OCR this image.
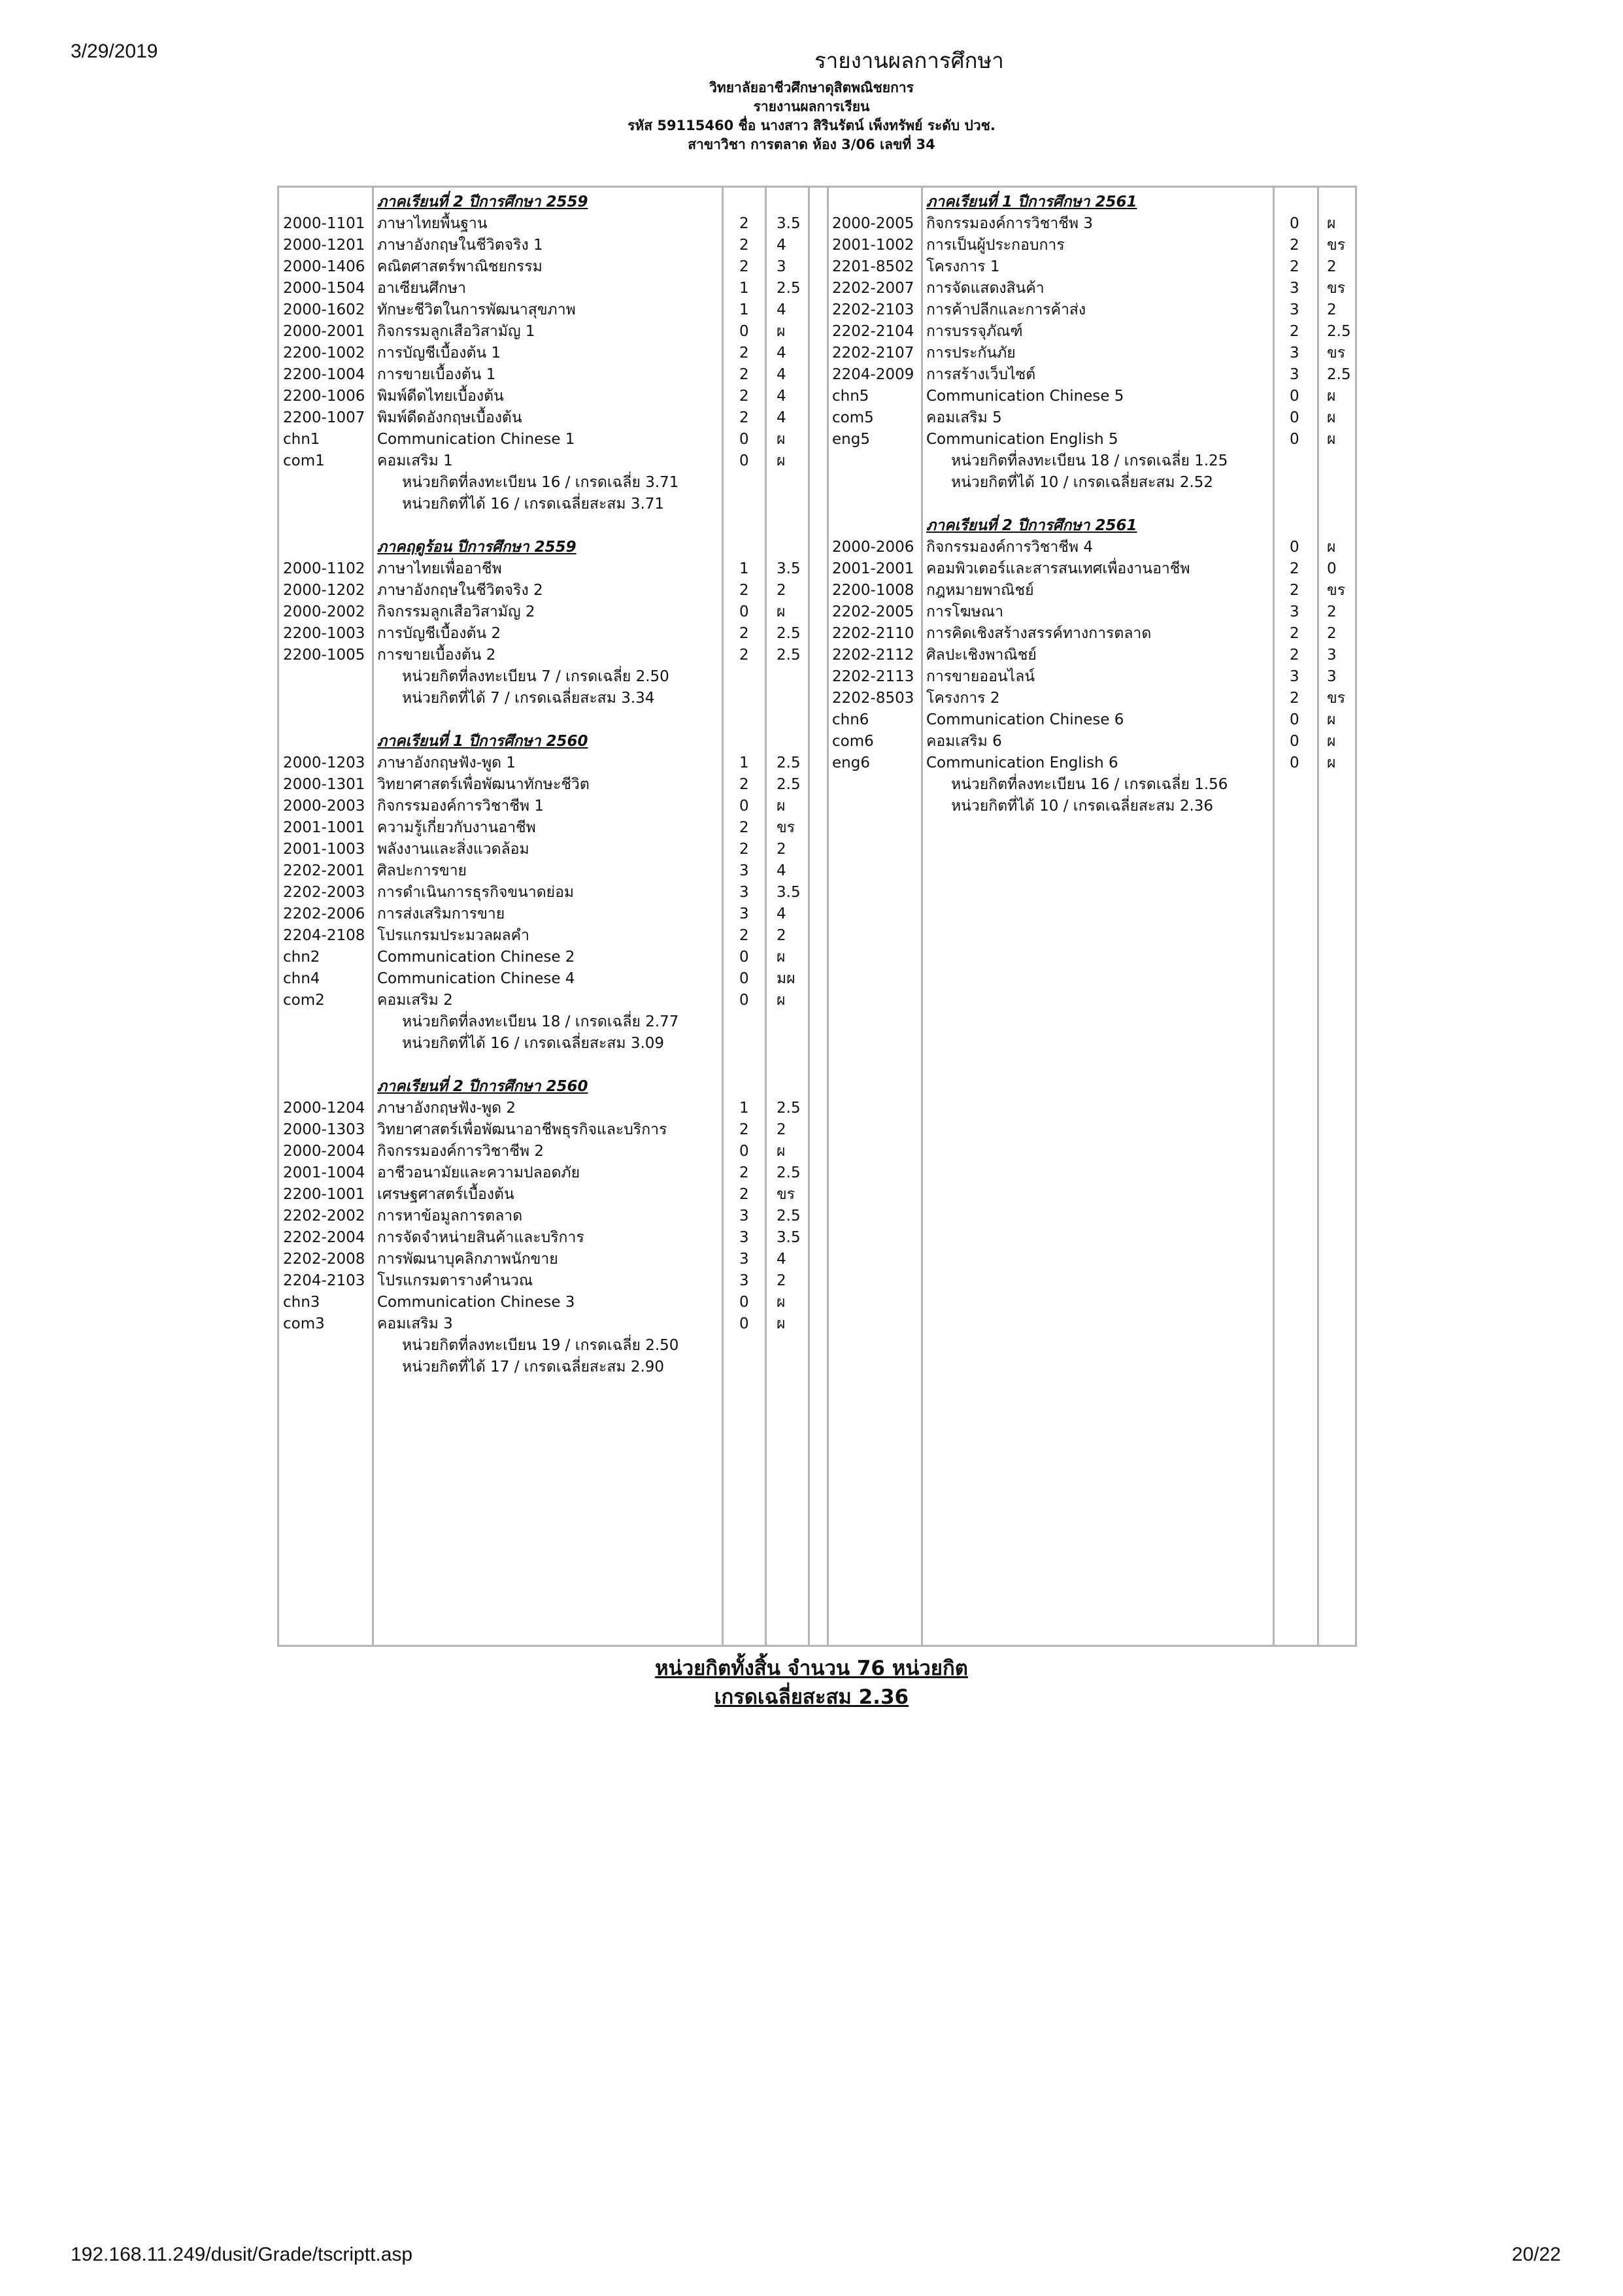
3/29/2019	รายงานผลการศึกษา
วิทยาลัยอาชีวศึกษาดุสิตพณิชยการ
รายงานผลการเรียน
รหัส 59115460 ชื่อ นางสาว สิรินรัตน์ เพ็งทรัพย์ ระดับ ปวช.
สาขาวิชา การตลาด ห้อง 3/06 เลขที่ 34
2000-1101
2000-1201
2000-1406
2000-1504
2000-1602
2000-2001
2200-1002
2200-1004
2200-1006
2200-1007
chn1
com1
2000-1102
2000-1202
2000-2002
2200-1003
2200-1005
2000-1203
2000-1301
2000-2003
2001-1001
2001-1003
2202-2001
2202-2003
2202-2006
2204-2108
chn2
chn4
com2
2000-1204
2000-1303
2000-2004
2001-1004
2200-1001
2202-2002
2202-2004
2202-2008
2204-2103
chn3
com3
ภาคเรียนที่ 2 ปีการศึกษา 2559
ภาษาไทยพื้นฐาน
ภาษาอังกฤษในชีวิตจริง 1
คณิตศาสตร์พาณิชยกรรม
อาเซียนศึกษา
ทักษะชีวิตในการพัฒนาสุขภาพ
กิจกรรมลูกเสือวิสามัญ 1
การบัญชีเบื้องต้น 1
การขายเบื้องต้น 1
พิมพ์ดีดไทยเบื้องต้น
พิมพ์ดีดอังกฤษเบื้องต้น
Communication Chinese 1
คอมเสริม 1
หน่วยกิตที่ลงทะเบียน 16 / เกรดเฉลี่ย 3.71
หน่วยกิตที่ได้ 16 / เกรดเฉลี่ยสะสม 3.71
ภาคฤดูร้อน ปีการศึกษา 2559
ภาษาไทยเพื่ออาชีพ
ภาษาอังกฤษในชีวิตจริง 2
กิจกรรมลูกเสือวิสามัญ 2
การบัญชีเบื้องต้น 2
การขายเบื้องต้น 2
หน่วยกิตที่ลงทะเบียน 7 / เกรดเฉลี่ย 2.50
หน่วยกิตที่ได้ 7 / เกรดเฉลี่ยสะสม 3.34
ภาคเรียนที่ 1 ปีการศึกษา 2560
ภาษาอังกฤษฟัง-พูด 1
วิทยาศาสตร์เพื่อพัฒนาทักษะชีวิต
กิจกรรมองค์การวิชาชีพ 1
ความรู้เกี่ยวกับงานอาชีพ
พลังงานและสิ่งแวดล้อม
ศิลปะการขาย
การดำเนินการธุรกิจขนาดย่อม
การส่งเสริมการขาย
โปรแกรมประมวลผลคำ
Communication Chinese 2
Communication Chinese 4
คอมเสริม 2
หน่วยกิตที่ลงทะเบียน 18 / เกรดเฉลี่ย 2.77
หน่วยกิตที่ได้ 16 / เกรดเฉลี่ยสะสม 3.09
ภาคเรียนที่ 2 ปีการศึกษา 2560
ภาษาอังกฤษฟัง-พูด 2
วิทยาศาสตร์เพื่อพัฒนาอาชีพธุรกิจและบริการ
กิจกรรมองค์การวิชาชีพ 2
อาชีวอนามัยและความปลอดภัย
เศรษฐศาสตร์เบื้องต้น
การหาข้อมูลการตลาด
การจัดจำหน่ายสินค้าและบริการ
การพัฒนาบุคลิกภาพนักขาย
โปรแกรมตารางคำนวณ
Communication Chinese 3
คอมเสริม 3
หน่วยกิตที่ลงทะเบียน 19 / เกรดเฉลี่ย 2.50
หน่วยกิตที่ได้ 17 / เกรดเฉลี่ยสะสม 2.90
2
2
2
1
1
0
2
2
2
2
0
0
1
2
0
2
2
1
2
0
2
2
3
3
3
2
0
0
0
1
2
0
2
2
3
3
3
3
0
0
3.5
4
3
2.5
4
ผ
4
4
4
4
ผ
ผ
3.5
2
ผ
2.5
2.5
2.5
2.5
ผ
ขร
2
4
3.5
4
2
ผ
มผ
ผ
2.5
2
ผ
2.5
ขร
2.5
3.5
4
2
ผ
ผ
2000-2005
2001-1002
2201-8502
2202-2007
2202-2103
2202-2104
2202-2107
2204-2009
chn5
com5
eng5
2000-2006
2001-2001
2200-1008
2202-2005
2202-2110
2202-2112
2202-2113
2202-8503
chn6
com6
eng6
ภาคเรียนที่ 1 ปีการศึกษา 2561
กิจกรรมองค์การวิชาชีพ 3
การเป็นผู้ประกอบการ
โครงการ 1
การจัดแสดงสินค้า
การค้าปลีกและการค้าส่ง
การบรรจุภัณฑ์
การประกันภัย
การสร้างเว็บไซต์
Communication Chinese 5
คอมเสริม 5
Communication English 5
หน่วยกิตที่ลงทะเบียน 18 / เกรดเฉลี่ย 1.25
หน่วยกิตที่ได้ 10 / เกรดเฉลี่ยสะสม 2.52
ภาคเรียนที่ 2 ปีการศึกษา 2561
กิจกรรมองค์การวิชาชีพ 4
คอมพิวเตอร์และสารสนเทศเพื่องานอาชีพ
กฎหมายพาณิชย์
การโฆษณา
การคิดเชิงสร้างสรรค์ทางการตลาด
ศิลปะเชิงพาณิชย์
การขายออนไลน์
โครงการ 2
Communication Chinese 6
คอมเสริม 6
Communication English 6
หน่วยกิตที่ลงทะเบียน 16 / เกรดเฉลี่ย 1.56
หน่วยกิตที่ได้ 10 / เกรดเฉลี่ยสะสม 2.36
0
2
2
3
3
2
3
3
0
0
0
0
2
2
3
2
2
3
2
0
0
0
ผ
ขร
2
ขร
2
2.5
ขร
2.5
ผ
ผ
ผ
ผ
0
ขร
2
2
3
3
ขร
ผ
ผ
ผ
หน่วยกิตทั้งสิ้น จำนวน 76 หน่วยกิต
เกรดเฉลี่ยสะสม 2.36
192.168.11.249/dusit/Grade/tscriptt.asp	20/22
